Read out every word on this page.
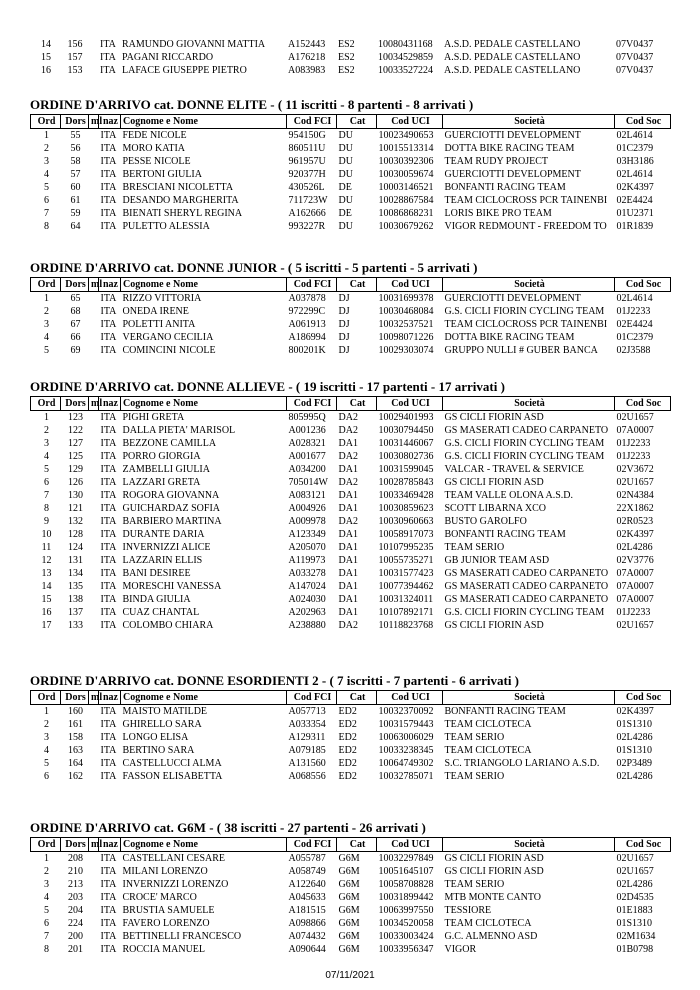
14	156		ITA	RAMUNDO GIOVANNI MATTIA	A152443	ES2	10080431168	A.S.D. PEDALE CASTELLANO	07V0437
15	157		ITA	PAGANI RICCARDO	A176218	ES2	10034529859	A.S.D. PEDALE CASTELLANO	07V0437
16	153		ITA	LAFACE GIUSEPPE PIETRO	A083983	ES2	10033527224	A.S.D. PEDALE CASTELLANO	07V0437
ORDINE D'ARRIVO cat. DONNE ELITE - ( 11 iscritti - 8 partenti - 8 arrivati )
Ord	Dors	ml	naz	Cognome e Nome	Cod FCI	Cat	Cod UCI	Società	Cod Soc
1	55		ITA	FEDE NICOLE	954150G	DU	10023490653	GUERCIOTTI DEVELOPMENT	02L4614
2	56		ITA	MORO KATIA	860511U	DU	10015513314	DOTTA BIKE RACING TEAM	01C2379
3	58		ITA	PESSE NICOLE	961957U	DU	10030392306	TEAM RUDY PROJECT	03H3186
4	57		ITA	BERTONI GIULIA	920377H	DU	10030059674	GUERCIOTTI DEVELOPMENT	02L4614
5	60		ITA	BRESCIANI NICOLETTA	430526L	DE	10003146521	BONFANTI RACING TEAM	02K4397
6	61		ITA	DESANDO MARGHERITA	711723W	DU	10028867584	TEAM CICLOCROSS PCR TAINENBI	02E4424
7	59		ITA	BIENATI SHERYL REGINA	A162666	DE	10086868231	LORIS BIKE PRO TEAM	01U2371
8	64		ITA	PULETTO ALESSIA	993227R	DU	10030679262	VIGOR REDMOUNT - FREEDOM TO	01R1839
ORDINE D'ARRIVO cat. DONNE JUNIOR - ( 5 iscritti - 5 partenti - 5 arrivati )
Ord	Dors	ml	naz	Cognome e Nome	Cod FCI	Cat	Cod UCI	Società	Cod Soc
1	65		ITA	RIZZO VITTORIA	A037878	DJ	10031699378	GUERCIOTTI DEVELOPMENT	02L4614
2	68		ITA	ONEDA IRENE	972299C	DJ	10030468084	G.S. CICLI FIORIN CYCLING TEAM	01J2233
3	67		ITA	POLETTI ANITA	A061913	DJ	10032537521	TEAM CICLOCROSS PCR TAINENBI	02E4424
4	66		ITA	VERGANO CECILIA	A186994	DJ	10098071226	DOTTA BIKE RACING TEAM	01C2379
5	69		ITA	COMINCINI NICOLE	800201K	DJ	10029303074	GRUPPO NULLI # GUBER BANCA	02J3588
ORDINE D'ARRIVO cat. DONNE ALLIEVE - ( 19 iscritti - 17 partenti - 17 arrivati )
Ord	Dors	ml	naz	Cognome e Nome	Cod FCI	Cat	Cod UCI	Società	Cod Soc
1	123		ITA	PIGHI GRETA	805995Q	DA2	10029401993	GS CICLI FIORIN ASD	02U1657
2	122		ITA	DALLA PIETA' MARISOL	A001236	DA2	10030794450	GS MASERATI CADEO CARPANETO	07A0007
3	127		ITA	BEZZONE CAMILLA	A028321	DA1	10031446067	G.S. CICLI FIORIN CYCLING TEAM	01J2233
4	125		ITA	PORRO GIORGIA	A001677	DA2	10030802736	G.S. CICLI FIORIN CYCLING TEAM	01J2233
5	129		ITA	ZAMBELLI GIULIA	A034200	DA1	10031599045	VALCAR - TRAVEL & SERVICE	02V3672
6	126		ITA	LAZZARI GRETA	705014W	DA2	10028785843	GS CICLI FIORIN ASD	02U1657
7	130		ITA	ROGORA GIOVANNA	A083121	DA1	10033469428	TEAM VALLE OLONA A.S.D.	02N4384
8	121		ITA	GUICHARDAZ SOFIA	A004926	DA1	10030859623	SCOTT LIBARNA XCO	22X1862
9	132		ITA	BARBIERO MARTINA	A009978	DA2	10030960663	BUSTO GAROLFO	02R0523
10	128		ITA	DURANTE DARIA	A123349	DA1	10058917073	BONFANTI RACING TEAM	02K4397
11	124		ITA	INVERNIZZI ALICE	A205070	DA1	10107995235	TEAM SERIO	02L4286
12	131		ITA	LAZZARIN ELLIS	A119973	DA1	10055735271	GB JUNIOR TEAM ASD	02V3776
13	134		ITA	BANI DESIREE	A033278	DA1	10031577423	GS MASERATI CADEO CARPANETO	07A0007
14	135		ITA	MORESCHI VANESSA	A147024	DA1	10077394462	GS MASERATI CADEO CARPANETO	07A0007
15	138		ITA	BINDA GIULIA	A024030	DA1	10031324011	GS MASERATI CADEO CARPANETO	07A0007
16	137		ITA	CUAZ CHANTAL	A202963	DA1	10107892171	G.S. CICLI FIORIN CYCLING TEAM	01J2233
17	133		ITA	COLOMBO CHIARA	A238880	DA2	10118823768	GS CICLI FIORIN ASD	02U1657
ORDINE D'ARRIVO cat. DONNE ESORDIENTI 2 - ( 7 iscritti - 7 partenti - 6 arrivati )
Ord	Dors	ml	naz	Cognome e Nome	Cod FCI	Cat	Cod UCI	Società	Cod Soc
1	160		ITA	MAISTO MATILDE	A057713	ED2	10032370092	BONFANTI RACING TEAM	02K4397
2	161		ITA	GHIRELLO SARA	A033354	ED2	10031579443	TEAM CICLOTECA	01S1310
3	158		ITA	LONGO ELISA	A129311	ED2	10063006029	TEAM SERIO	02L4286
4	163		ITA	BERTINO SARA	A079185	ED2	10033238345	TEAM CICLOTECA	01S1310
5	164		ITA	CASTELLUCCI ALMA	A131560	ED2	10064749302	S.C. TRIANGOLO LARIANO A.S.D.	02P3489
6	162		ITA	FASSON ELISABETTA	A068556	ED2	10032785071	TEAM SERIO	02L4286
ORDINE D'ARRIVO cat. G6M - ( 38 iscritti - 27 partenti - 26 arrivati )
Ord	Dors	ml	naz	Cognome e Nome	Cod FCI	Cat	Cod UCI	Società	Cod Soc
1	208		ITA	CASTELLANI CESARE	A055787	G6M	10032297849	GS CICLI FIORIN ASD	02U1657
2	210		ITA	MILANI LORENZO	A058749	G6M	10051645107	GS CICLI FIORIN ASD	02U1657
3	213		ITA	INVERNIZZI LORENZO	A122640	G6M	10058708828	TEAM SERIO	02L4286
4	203		ITA	CROCE' MARCO	A045633	G6M	10031899442	MTB MONTE CANTO	02D4535
5	204		ITA	BRUSTIA SAMUELE	A181515	G6M	10063997550	TESSIORE	01E1883
6	224		ITA	FAVERO LORENZO	A098866	G6M	10034520058	TEAM CICLOTECA	01S1310
7	200		ITA	BETTINELLI FRANCESCO	A074432	G6M	10033003424	G.C. ALMENNO ASD	02M1634
8	201		ITA	ROCCIA MANUEL	A090644	G6M	10033956347	VIGOR	01B0798
07/11/2021
